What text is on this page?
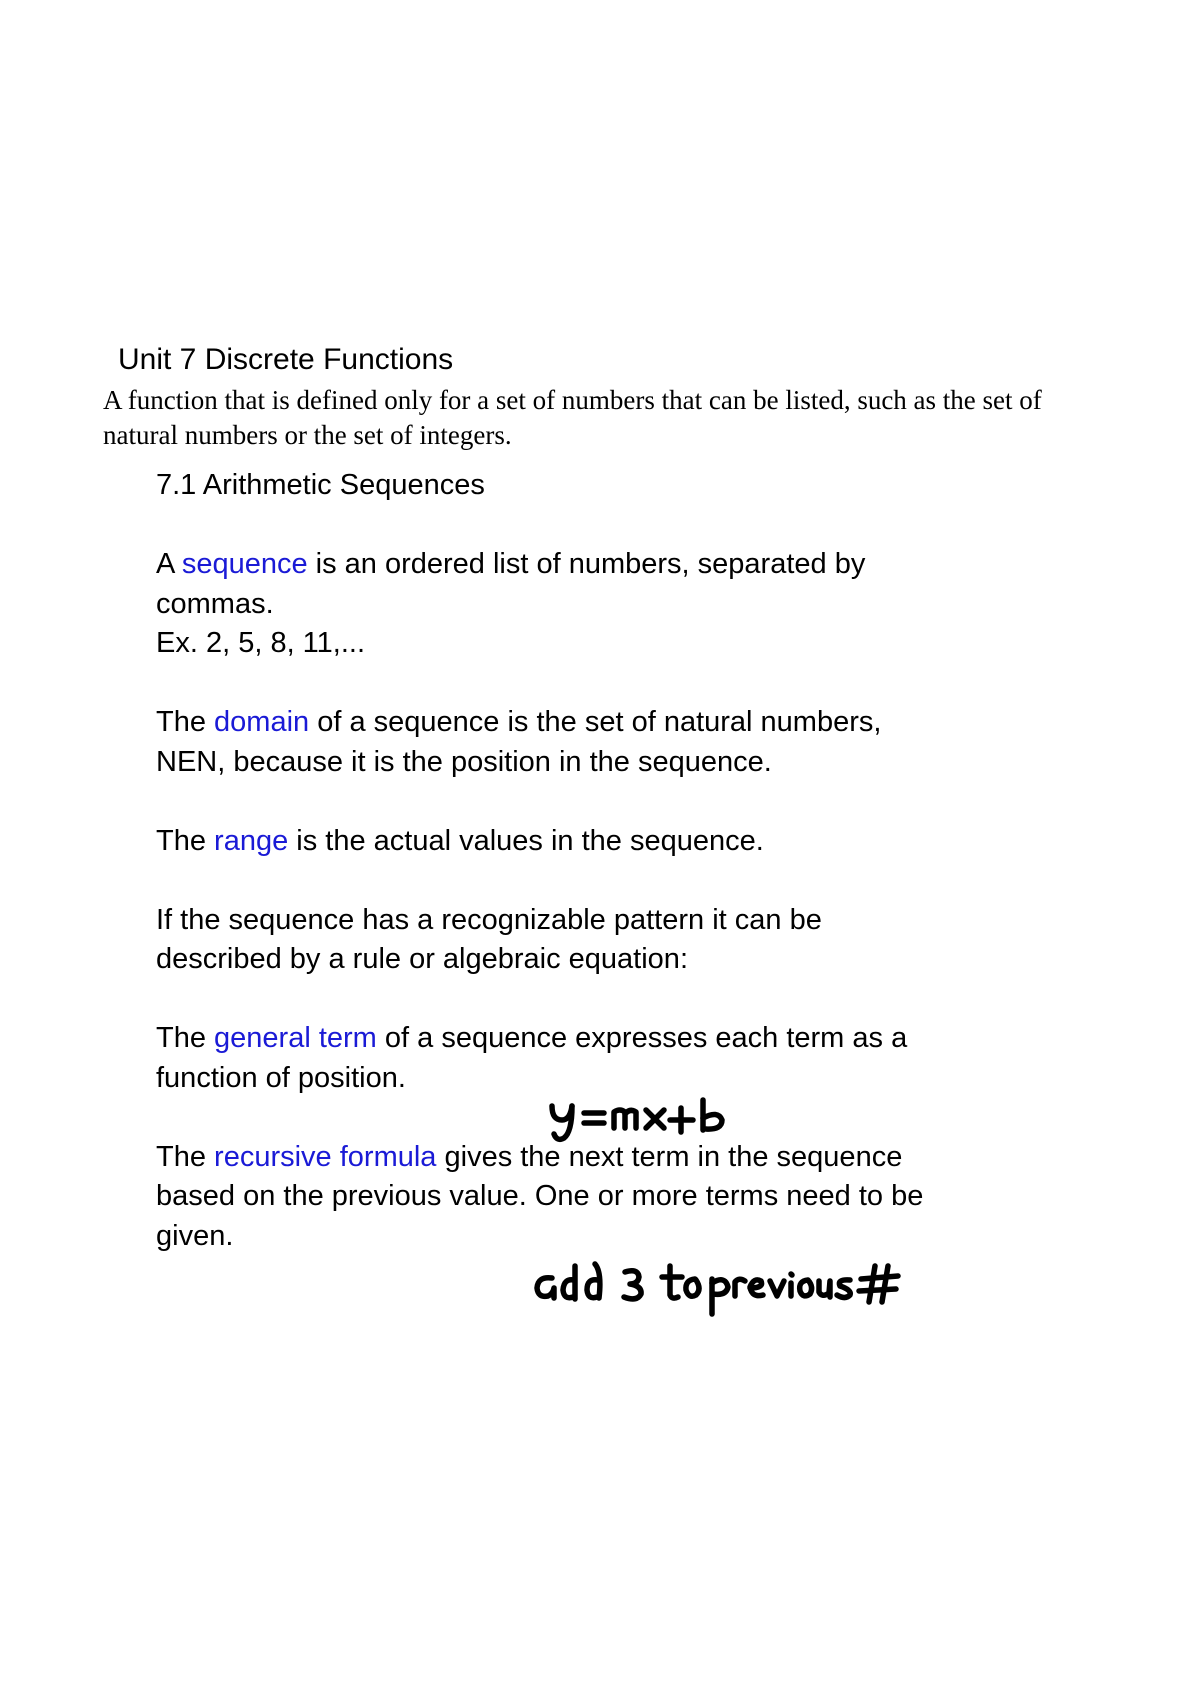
Unit 7 Discrete Functions

A function that is defined only for a set of numbers that can be listed, such as the set of natural numbers or the set of integers.

7.1 Arithmetic Sequences

A sequence is an ordered list of numbers, separated by commas.

Ex. 2, 5, 8, 11,...

The domain of a sequence is the set of natural numbers, NEN, because it is the position in the sequence.

The range is the actual values in the sequence.

If the sequence has a recognizable pattern it can be described by a rule or algebraic equation:

The general term of a sequence expresses each term as a function of position.

The recursive formula gives the next term in the sequence based on the previous value. One or more terms need to be given.
